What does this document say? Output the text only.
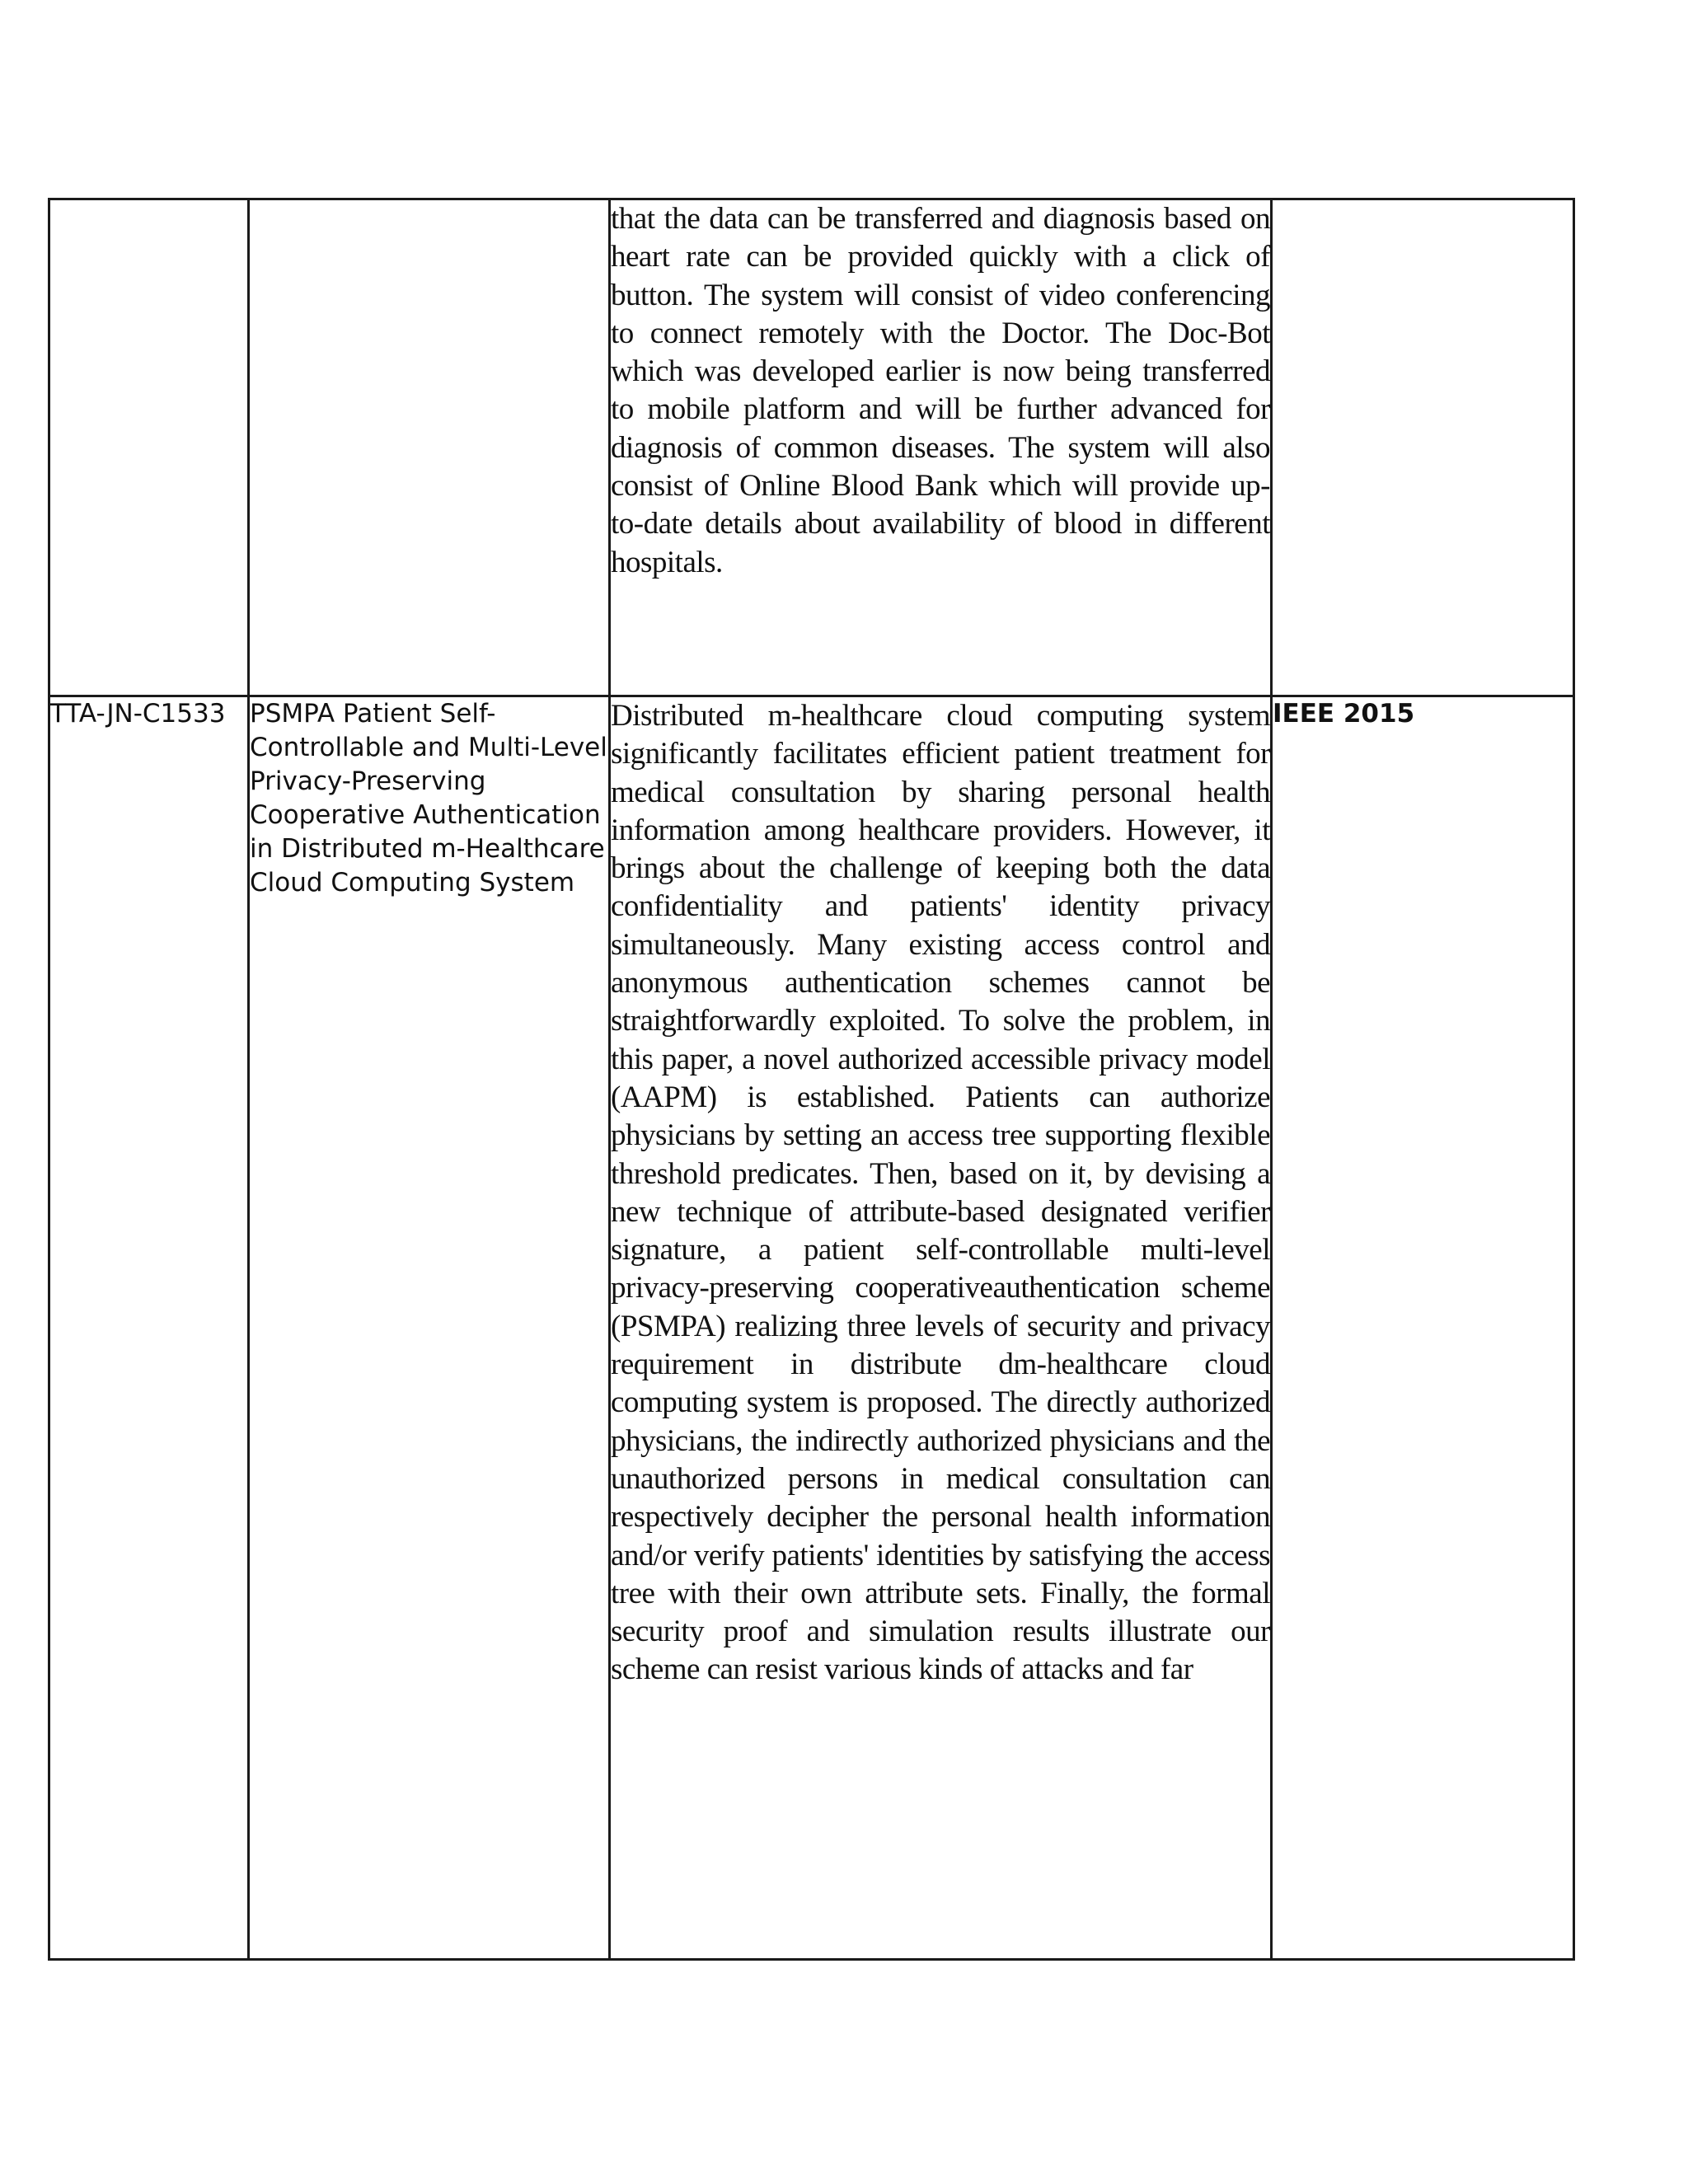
		that the data can be transferred and diagnosis based on heart rate can be provided quickly with a click of button. The system will consist of video conferencing to connect remotely with the Doctor. The Doc-Bot which was developed earlier is now being transferred to mobile platform and will be further advanced for diagnosis of common diseases. The system will also consist of Online Blood Bank which will provide up-to-date details about availability of blood in different hospitals.	
TTA-JN-C1533	PSMPA Patient Self-Controllable and Multi-Level Privacy-Preserving Cooperative Authentication in Distributed m-Healthcare Cloud Computing System	Distributed m-healthcare cloud computing system significantly facilitates efficient patient treatment for medical consultation by sharing personal health information among healthcare providers. However, it brings about the challenge of keeping both the data confidentiality and patients' identity privacy simultaneously. Many existing access control and anonymous authentication schemes cannot be straightforwardly exploited. To solve the problem, in this paper, a novel authorized accessible privacy model (AAPM) is established. Patients can authorize physicians by setting an access tree supporting flexible threshold predicates. Then, based on it, by devising a new technique of attribute-based designated verifier signature, a patient self-controllable multi-level privacy-preserving cooperativeauthentication scheme (PSMPA) realizing three levels of security and privacy requirement in distribute dm-healthcare cloud computing system is proposed. The directly authorized physicians, the indirectly authorized physicians and the unauthorized persons in medical consultation can respectively decipher the personal health information and/or verify patients' identities by satisfying the access tree with their own attribute sets. Finally, the formal security proof and simulation results illustrate our scheme can resist various kinds of attacks and far	IEEE 2015
